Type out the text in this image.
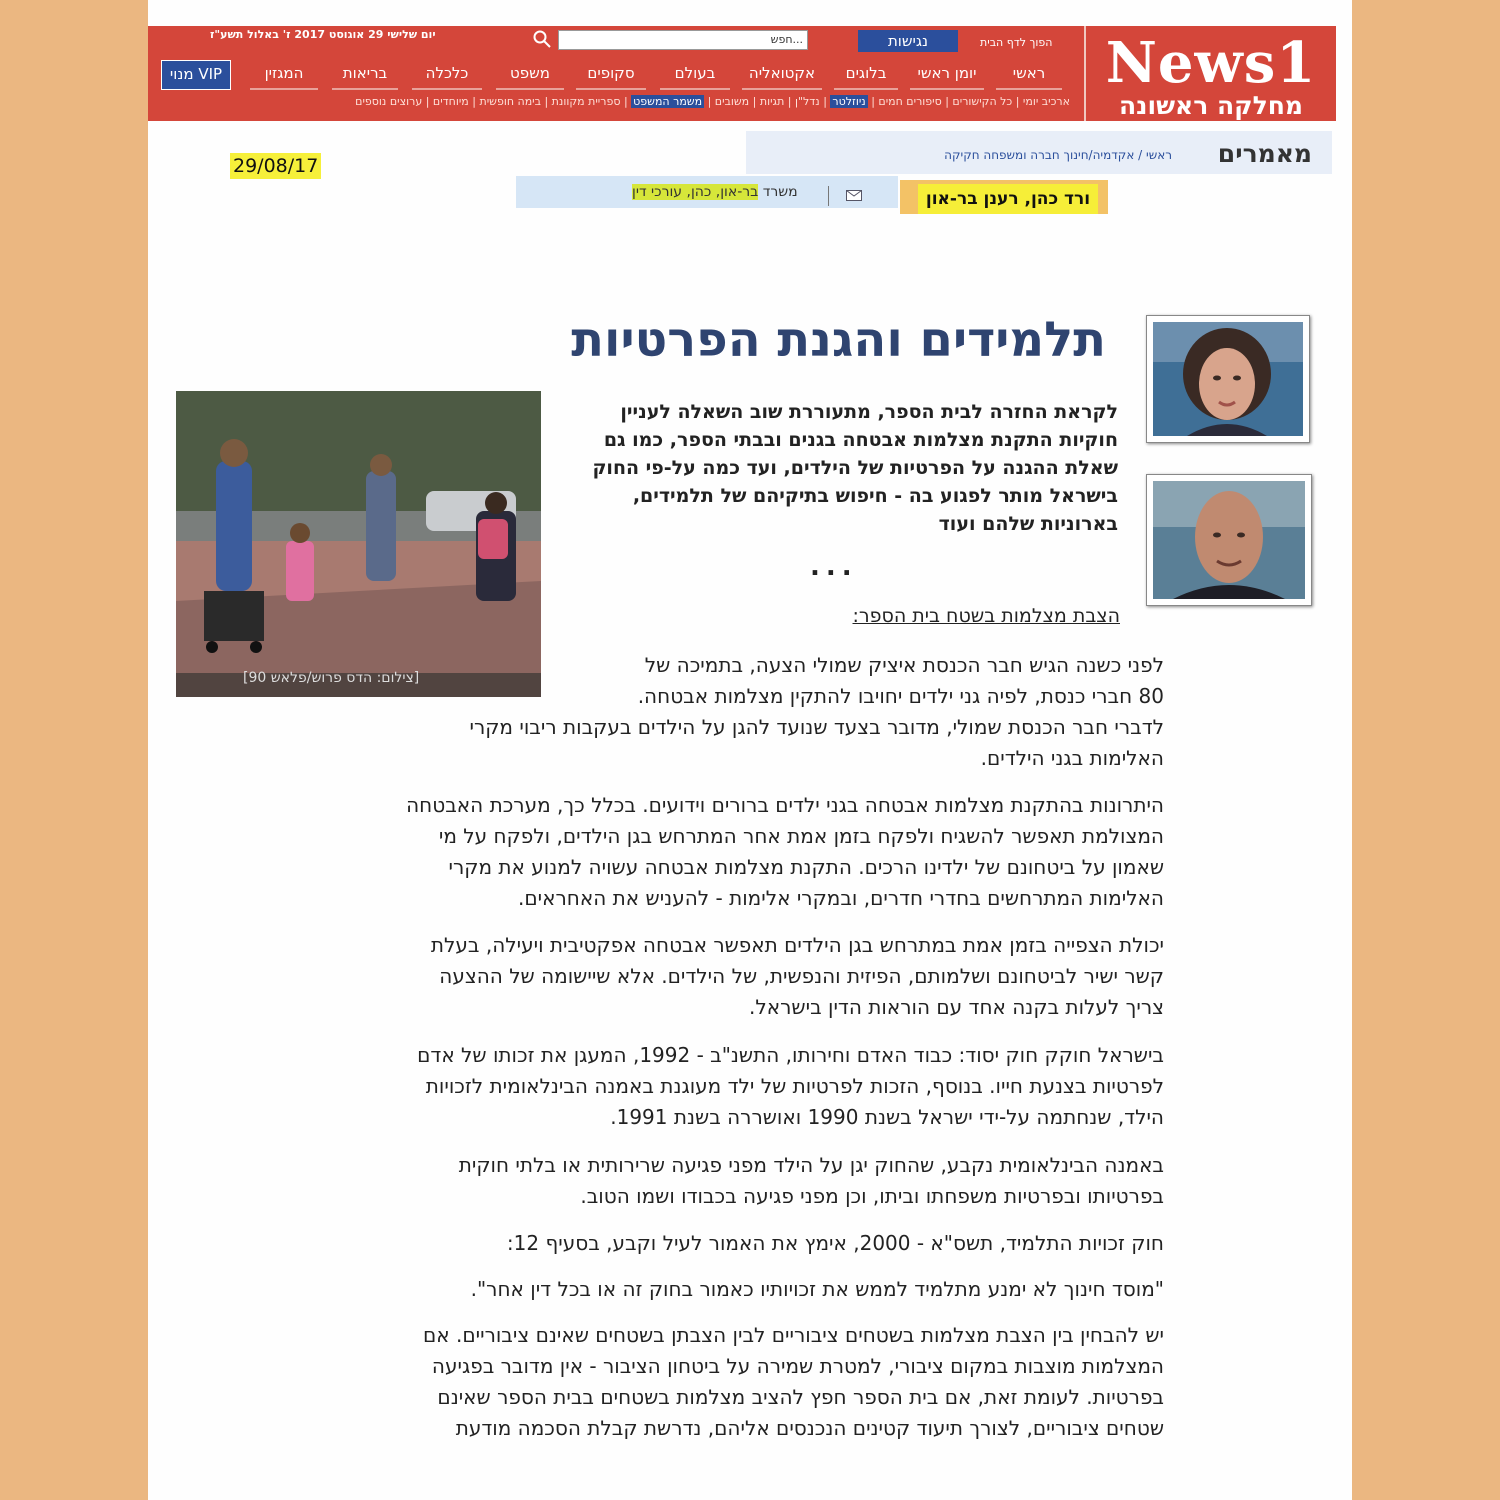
News1
מחלקה ראשונה
הפוך לדף הבית
נגישות
...חפש
יום שלישי 29 אוגוסט 2017 ז' באלול תשע"ז
מנוי VIP	המגזין	בריאות	כלכלה	משפט	סקופים	בעולם	אקטואליה	בלוגים	יומן ראשי	ראשי
ארכיב יומי | כל הקישורים | סיפורים חמים | ניוזלטר | נדל"ן | תגיות | משובים | משמר המשפט | ספריית מקוונת | בימה חופשית | מיוחדים | ערוצים נוספים
מאמרים
ראשי / אקדמיה/חינוך חברה ומשפחה חקיקה
29/08/17
ורד כהן, רענן בר-און
משרד בר-און, כהן, עורכי דין
[צילום: הדס פרוש/פלאש 90]
תלמידים והגנת הפרטיות
לקראת החזרה לבית הספר, מתעוררת שוב השאלה לעניין חוקיות התקנת מצלמות אבטחה בגנים ובבתי הספר, כמו גם שאלת ההגנה על הפרטיות של הילדים, ועד כמה על-פי החוק בישראל מותר לפגוע בה - חיפוש בתיקיהם של תלמידים, בארוניות שלהם ועוד
...
הצבת מצלמות בשטח בית הספר:
לפני כשנה הגיש חבר הכנסת איציק שמולי הצעה, בתמיכה של
80 חברי כנסת, לפיה גני ילדים יחויבו להתקין מצלמות אבטחה.
לדברי חבר הכנסת שמולי, מדובר בצעד שנועד להגן על הילדים בעקבות ריבוי מקרי
האלימות בגני הילדים.
היתרונות בהתקנת מצלמות אבטחה בגני ילדים ברורים וידועים. בכלל כך, מערכת האבטחה
המצולמת תאפשר להשגיח ולפקח בזמן אמת אחר המתרחש בגן הילדים, ולפקח על מי
שאמון על ביטחונם של ילדינו הרכים. התקנת מצלמות אבטחה עשויה למנוע את מקרי
האלימות המתרחשים בחדרי חדרים, ובמקרי אלימות - להעניש את האחראים.
יכולת הצפייה בזמן אמת במתרחש בגן הילדים תאפשר אבטחה אפקטיבית ויעילה, בעלת
קשר ישיר לביטחונם ושלמותם, הפיזית והנפשית, של הילדים. אלא שיישומה של ההצעה
צריך לעלות בקנה אחד עם הוראות הדין בישראל.
בישראל חוקק חוק יסוד: כבוד האדם וחירותו, התשנ"ב - 1992, המעגן את זכותו של אדם
לפרטיות בצנעת חייו. בנוסף, הזכות לפרטיות של ילד מעוגנת באמנה הבינלאומית לזכויות
הילד, שנחתמה על-ידי ישראל בשנת 1990 ואושררה בשנת 1991.
באמנה הבינלאומית נקבע, שהחוק יגן על הילד מפני פגיעה שרירותית או בלתי חוקית
בפרטיותו ובפרטיות משפחתו וביתו, וכן מפני פגיעה בכבודו ושמו הטוב.
חוק זכויות התלמיד, תשס"א - 2000, אימץ את האמור לעיל וקבע, בסעיף 12:
"מוסד חינוך לא ימנע מתלמיד לממש את זכויותיו כאמור בחוק זה או בכל דין אחר".
יש להבחין בין הצבת מצלמות בשטחים ציבוריים לבין הצבתן בשטחים שאינם ציבוריים. אם
המצלמות מוצבות במקום ציבורי, למטרת שמירה על ביטחון הציבור - אין מדובר בפגיעה
בפרטיות. לעומת זאת, אם בית הספר חפץ להציב מצלמות בשטחים בבית הספר שאינם
שטחים ציבוריים, לצורך תיעוד קטינים הנכנסים אליהם, נדרשת קבלת הסכמה מודעת
